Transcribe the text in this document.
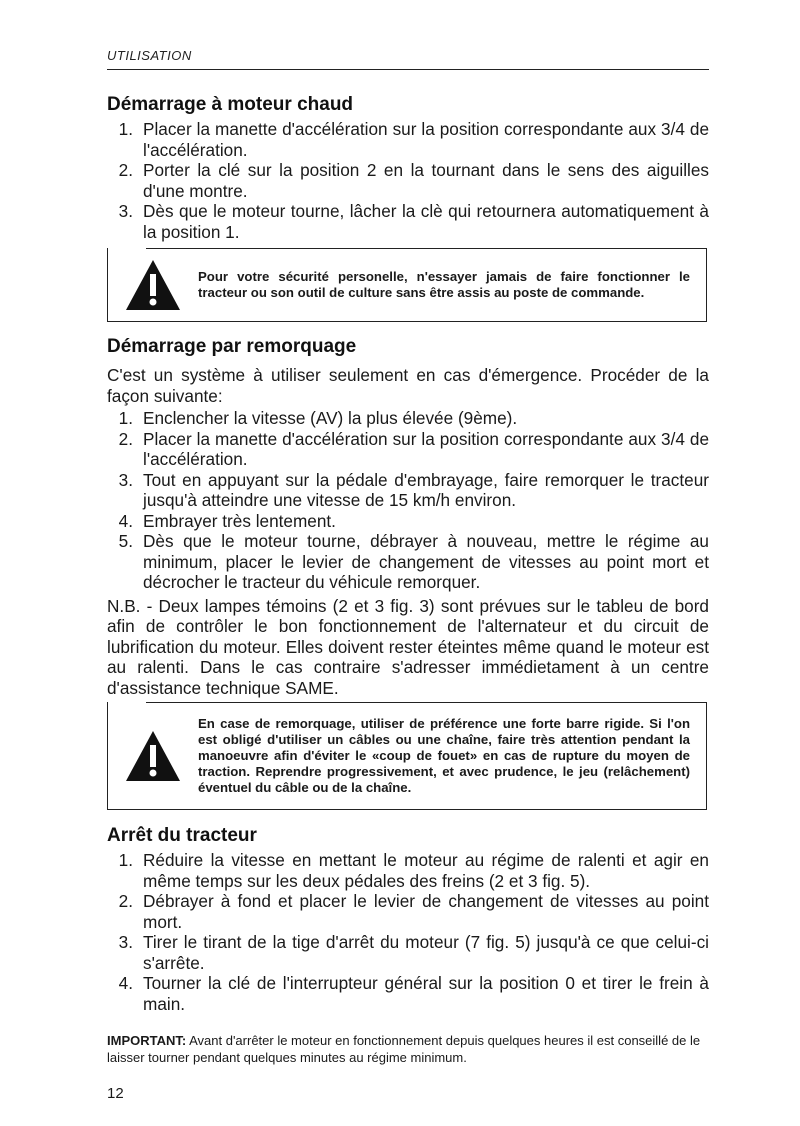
UTILISATION
Démarrage à moteur chaud
1. Placer la manette d'accélération sur la position correspondante aux 3/4 de l'accélération.
2. Porter la clé sur la position 2 en la tournant dans le sens des aiguilles d'une montre.
3. Dès que le moteur tourne, lâcher la clè qui retournera automatiquement à la position 1.
Pour votre sécurité personelle, n'essayer jamais de faire fonctionner le tracteur ou son outil de culture sans être assis au poste de commande.
Démarrage par remorquage

C'est un système à utiliser seulement en cas d'émergence. Procéder de la façon suivante:

1. Enclencher la vitesse (AV) la plus élevée (9ème).
2. Placer la manette d'accélération sur la position correspondante aux 3/4 de l'accélération.
3. Tout en appuyant sur la pédale d'embrayage, faire remorquer le tracteur jusqu'à atteindre une vitesse de 15 km/h environ.
4. Embrayer très lentement.
5. Dès que le moteur tourne, débrayer à nouveau, mettre le régime au minimum, placer le levier de changement de vitesses au point mort et décrocher le tracteur du véhicule remorquer.

N.B. - Deux lampes témoins (2 et 3 fig. 3) sont prévues sur le tableu de bord afin de contrôler le bon fonctionnement de l'alternateur et du circuit de lubrification du moteur. Elles doivent rester éteintes même quand le moteur est au ralenti. Dans le cas contraire s'adresser immédietament à un centre d'assistance technique SAME.

En case de remorquage, utiliser de préférence une forte barre rigide. Si l'on est obligé d'utiliser un câbles ou une chaîne, faire très attention pendant la manoeuvre afin d'éviter le «coup de fouet» en cas de rupture du moyen de traction. Reprendre progressivement, et avec prudence, le jeu (relâchement) éventuel du câble ou de la chaîne.
Arrêt du tracteur
1. Réduire la vitesse en mettant le moteur au régime de ralenti et agir en même temps sur les deux pédales des freins (2 et 3 fig. 5).
2. Débrayer à fond et placer le levier de changement de vitesses au point mort.
3. Tirer le tirant de la tige d'arrêt du moteur (7 fig. 5) jusqu'à ce que celui-ci s'arrête.
4. Tourner la clé de l'interrupteur général sur la position 0 et tirer le frein à main.

IMPORTANT: Avant d'arrêter le moteur en fonctionnement depuis quelques heures il est conseillé de le laisser tourner pendant quelques minutes au régime minimum.

12
